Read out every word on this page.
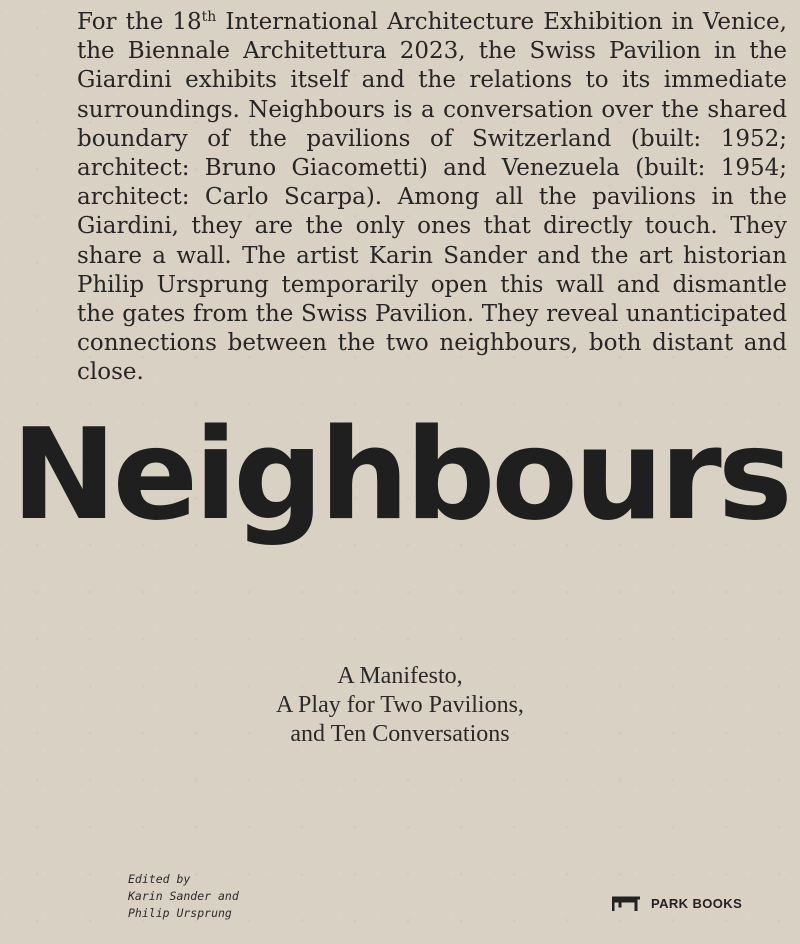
For the 18th International Architecture Exhibition in Venice, the Biennale Architettura 2023, the Swiss Pavilion in the Giardini exhibits itself and the relations to its immediate surroundings. Neighbours is a conversation over the shared boundary of the pavilions of Switzerland (built: 1952; architect: Bruno Giacometti) and Venezuela (built: 1954; architect: Carlo Scarpa). Among all the pavilions in the Giardini, they are the only ones that directly touch. They share a wall. The artist Karin Sander and the art historian Philip Ursprung temporarily open this wall and dismantle the gates from the Swiss Pavilion. They reveal unanticipated connections between the two neighbours, both distant and close.

Neighbours
A Manifesto,
A Play for Two Pavilions,
and Ten Conversations
Edited by
Karin Sander and
Philip Ursprung
PARK BOOKS
